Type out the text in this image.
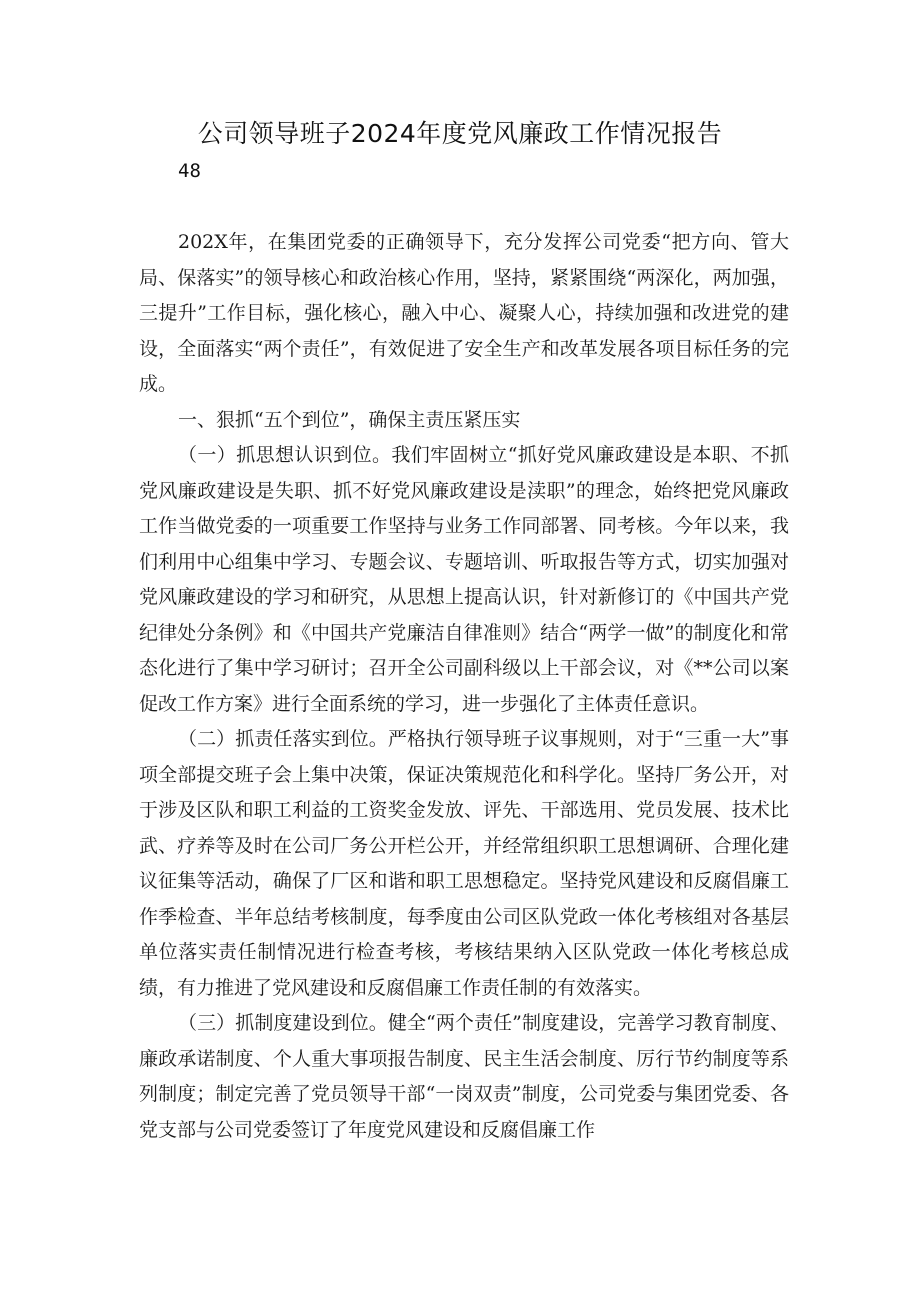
公司领导班子2024年度党风廉政工作情况报告
48

202X年，在集团党委的正确领导下，充分发挥公司党委“把方向、管大局、保落实”的领导核心和政治核心作用，坚持，紧紧围绕“两深化，两加强，三提升”工作目标，强化核心，融入中心、凝聚人心，持续加强和改进党的建设，全面落实“两个责任”，有效促进了安全生产和改革发展各项目标任务的完成。

一、狠抓“五个到位”，确保主责压紧压实

（一）抓思想认识到位。我们牢固树立“抓好党风廉政建设是本职、不抓党风廉政建设是失职、抓不好党风廉政建设是渎职”的理念，始终把党风廉政工作当做党委的一项重要工作坚持与业务工作同部署、同考核。今年以来，我们利用中心组集中学习、专题会议、专题培训、听取报告等方式，切实加强对党风廉政建设的学习和研究，从思想上提高认识，针对新修订的《中国共产党纪律处分条例》和《中国共产党廉洁自律准则》结合“两学一做”的制度化和常态化进行了集中学习研讨；召开全公司副科级以上干部会议，对《**公司以案促改工作方案》进行全面系统的学习，进一步强化了主体责任意识。

（二）抓责任落实到位。严格执行领导班子议事规则，对于“三重一大”事项全部提交班子会上集中决策，保证决策规范化和科学化。坚持厂务公开，对于涉及区队和职工利益的工资奖金发放、评先、干部选用、党员发展、技术比武、疗养等及时在公司厂务公开栏公开，并经常组织职工思想调研、合理化建议征集等活动，确保了厂区和谐和职工思想稳定。坚持党风建设和反腐倡廉工作季检查、半年总结考核制度，每季度由公司区队党政一体化考核组对各基层单位落实责任制情况进行检查考核，考核结果纳入区队党政一体化考核总成绩，有力推进了党风建设和反腐倡廉工作责任制的有效落实。

（三）抓制度建设到位。健全“两个责任”制度建设，完善学习教育制度、廉政承诺制度、个人重大事项报告制度、民主生活会制度、厉行节约制度等系列制度；制定完善了党员领导干部“一岗双责”制度，公司党委与集团党委、各党支部与公司党委签订了年度党风建设和反腐倡廉工作
